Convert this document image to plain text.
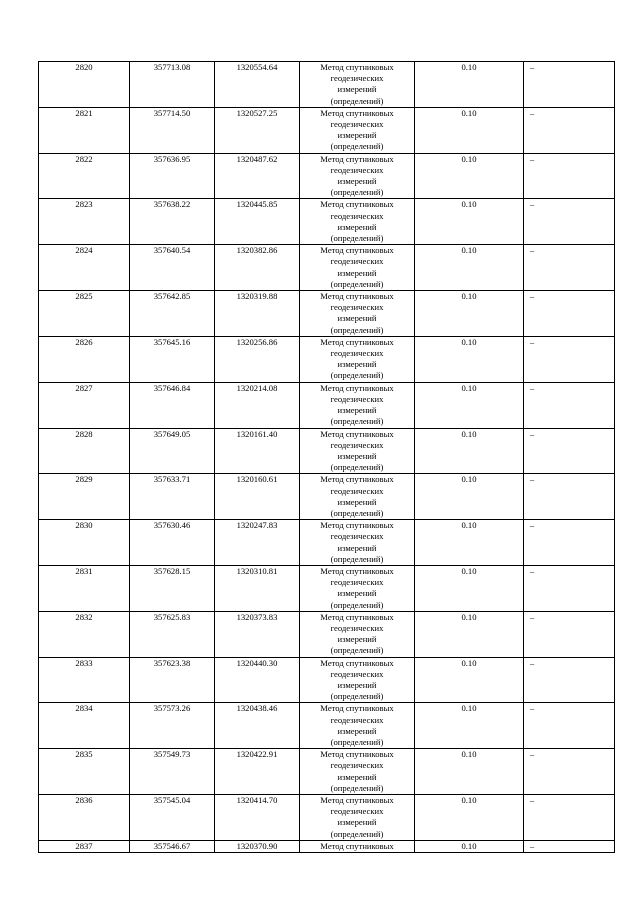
2820	357713.08	1320554.64	Метод спутниковых
геодезических
измерений
(определений)	0.10	–

2821	357714.50	1320527.25	Метод спутниковых
геодезических
измерений
(определений)	0.10	–

2822	357636.95	1320487.62	Метод спутниковых
геодезических
измерений
(определений)	0.10	–

2823	357638.22	1320445.85	Метод спутниковых
геодезических
измерений
(определений)	0.10	–

2824	357640.54	1320382.86	Метод спутниковых
геодезических
измерений
(определений)	0.10	–

2825	357642.85	1320319.88	Метод спутниковых
геодезических
измерений
(определений)	0.10	–

2826	357645.16	1320256.86	Метод спутниковых
геодезических
измерений
(определений)	0.10	–

2827	357646.84	1320214.08	Метод спутниковых
геодезических
измерений
(определений)	0.10	–

2828	357649.05	1320161.40	Метод спутниковых
геодезических
измерений
(определений)	0.10	–

2829	357633.71	1320160.61	Метод спутниковых
геодезических
измерений
(определений)	0.10	–

2830	357630.46	1320247.83	Метод спутниковых
геодезических
измерений
(определений)	0.10	–

2831	357628.15	1320310.81	Метод спутниковых
геодезических
измерений
(определений)	0.10	–

2832	357625.83	1320373.83	Метод спутниковых
геодезических
измерений
(определений)	0.10	–

2833	357623.38	1320440.30	Метод спутниковых
геодезических
измерений
(определений)	0.10	–

2834	357573.26	1320438.46	Метод спутниковых
геодезических
измерений
(определений)	0.10	–

2835	357549.73	1320422.91	Метод спутниковых
геодезических
измерений
(определений)	0.10	–

2836	357545.04	1320414.70	Метод спутниковых
геодезических
измерений
(определений)	0.10	–

2837	357546.67	1320370.90	Метод спутниковых	0.10	–
